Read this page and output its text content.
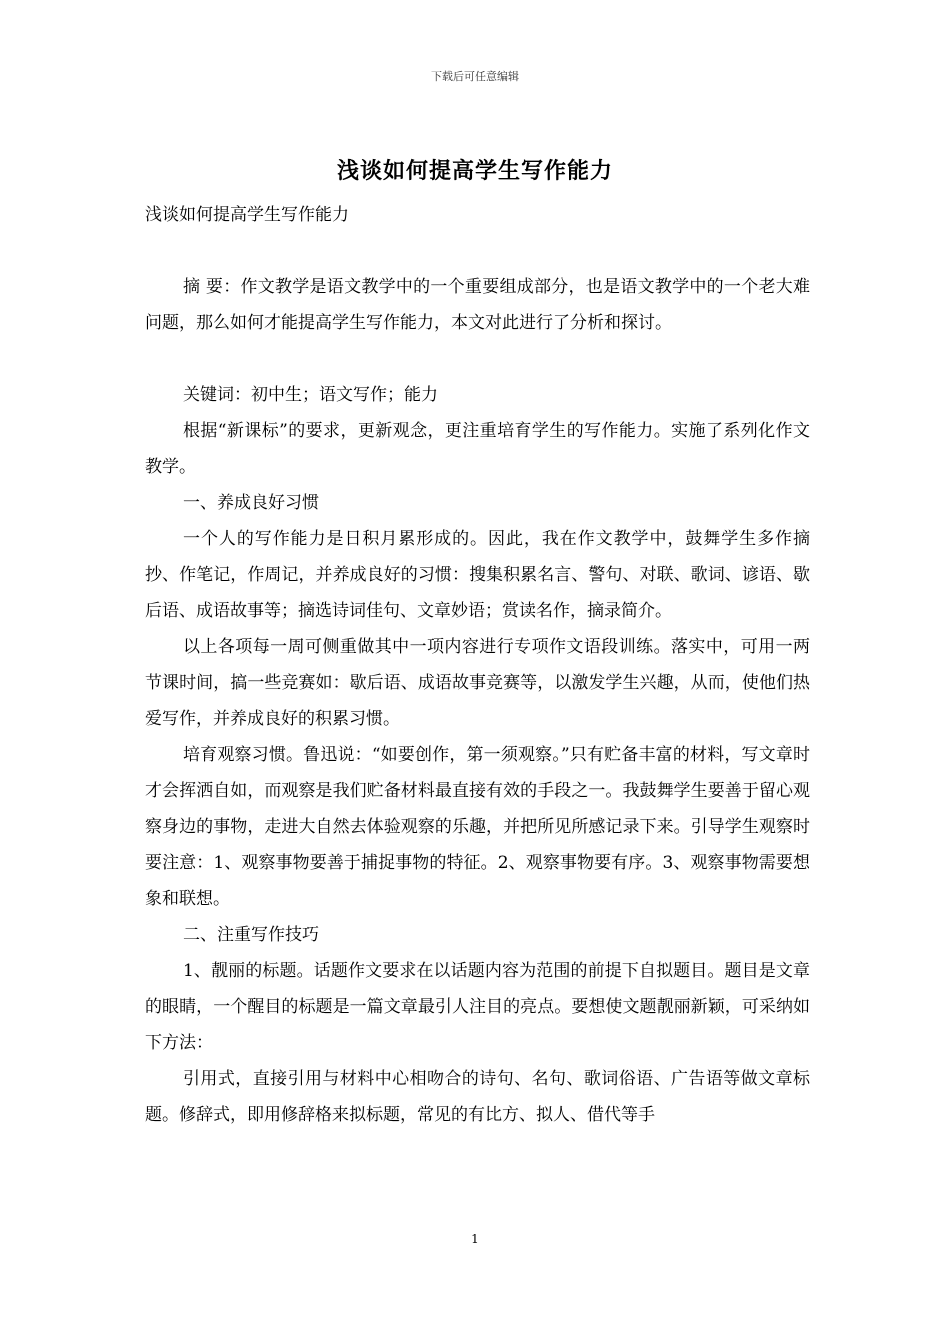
下载后可任意编辑
浅谈如何提高学生写作能力

浅谈如何提高学生写作能力

摘 要：作文教学是语文教学中的一个重要组成部分，也是语文教学中的一个老大难问题，那么如何才能提高学生写作能力，本文对此进行了分析和探讨。

关键词：初中生；语文写作；能力

根据“新课标”的要求，更新观念，更注重培育学生的写作能力。实施了系列化作文教学。

一、养成良好习惯

一个人的写作能力是日积月累形成的。因此，我在作文教学中，鼓舞学生多作摘抄、作笔记，作周记，并养成良好的习惯：搜集积累名言、警句、对联、歌词、谚语、歇后语、成语故事等；摘选诗词佳句、文章妙语；赏读名作，摘录简介。

以上各项每一周可侧重做其中一项内容进行专项作文语段训练。落实中，可用一两节课时间，搞一些竞赛如：歇后语、成语故事竞赛等，以激发学生兴趣，从而，使他们热爱写作，并养成良好的积累习惯。

培育观察习惯。鲁迅说：“如要创作，第一须观察。”只有贮备丰富的材料，写文章时才会挥洒自如，而观察是我们贮备材料最直接有效的手段之一。我鼓舞学生要善于留心观察身边的事物，走进大自然去体验观察的乐趣，并把所见所感记录下来。引导学生观察时要注意：1、观察事物要善于捕捉事物的特征。2、观察事物要有序。3、观察事物需要想象和联想。

二、注重写作技巧

1、靓丽的标题。话题作文要求在以话题内容为范围的前提下自拟题目。题目是文章的眼睛，一个醒目的标题是一篇文章最引人注目的亮点。要想使文题靓丽新颖，可采纳如下方法：

引用式，直接引用与材料中心相吻合的诗句、名句、歌词俗语、广告语等做文章标题。修辞式，即用修辞格来拟标题，常见的有比方、拟人、借代等手

1
